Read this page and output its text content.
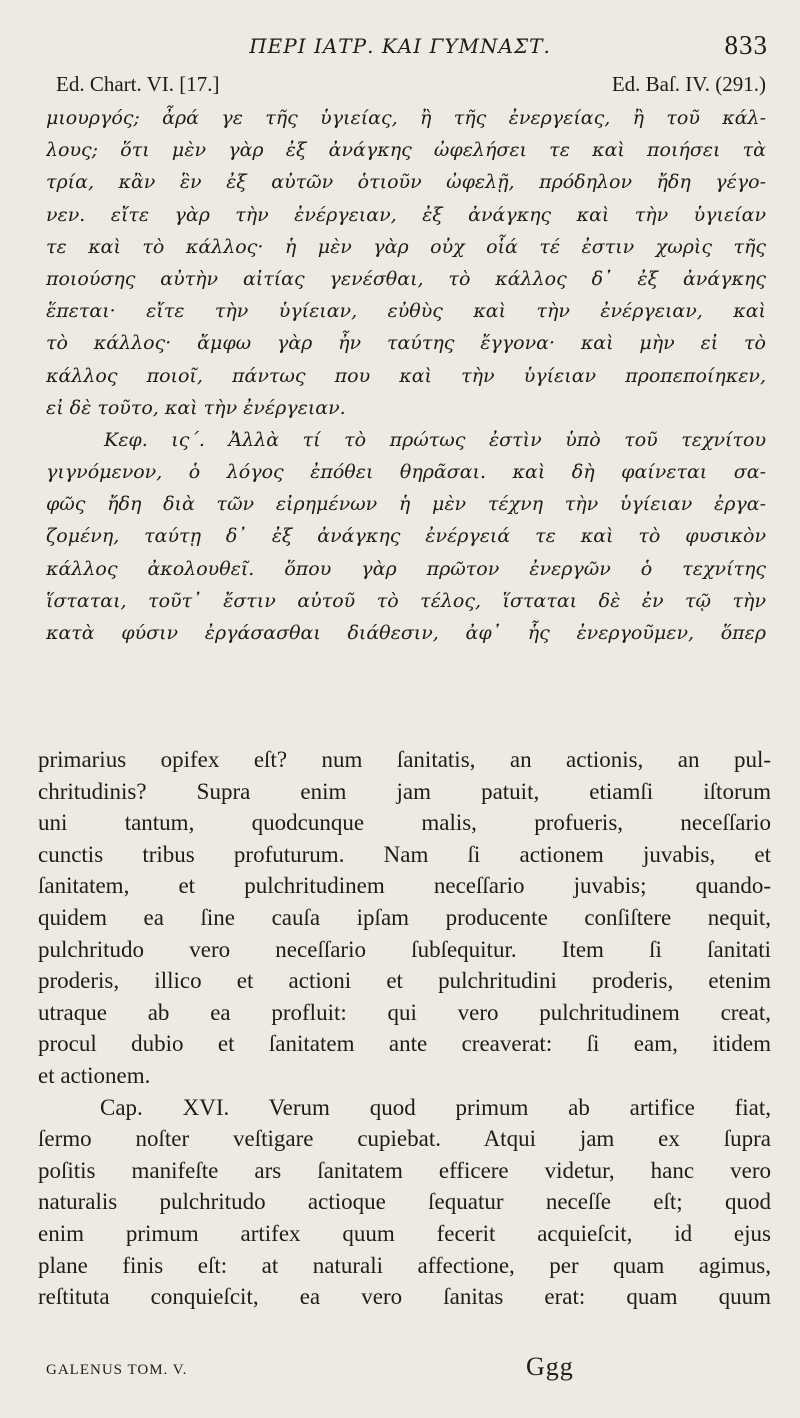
ΠΕΡΙ ΙΑΤΡ. ΚΑΙ ΓΥΜΝΑΣΤ.	833
Ed. Chart. VI. [17.]	Ed. Baſ. IV. (291.)
μιουργός; ἆρά γε τῆς ὑγιείας, ἢ τῆς ἐνεργείας, ἢ τοῦ κάλ-
λους; ὅτι μὲν γὰρ ἐξ ἀνάγκης ὠφελήσει τε καὶ ποιήσει τὰ
τρία, κἂν ἓν ἐξ αὐτῶν ὁτιοῦν ὠφελῇ, πρόδηλον ἤδη γέγο-
νεν. εἴτε γὰρ τὴν ἐνέργειαν, ἐξ ἀνάγκης καὶ τὴν ὑγιείαν
τε καὶ τὸ κάλλος· ἡ μὲν γὰρ οὐχ οἷά τέ ἐστιν χωρὶς τῆς
ποιούσης αὐτὴν αἰτίας γενέσθαι, τὸ κάλλος δ᾽ ἐξ ἀνάγκης
ἕπεται· εἴτε τὴν ὑγίειαν, εὐθὺς καὶ τὴν ἐνέργειαν, καὶ
τὸ κάλλος· ἄμφω γὰρ ἦν ταύτης ἔγγονα· καὶ μὴν εἰ τὸ
κάλλος ποιοῖ, πάντως που καὶ τὴν ὑγίειαν προπεποίηκεν,
εἰ δὲ τοῦτο, καὶ τὴν ἐνέργειαν.
Κεφ. ις΄. Ἀλλὰ τί τὸ πρώτως ἐστὶν ὑπὸ τοῦ τεχνίτου
γιγνόμενον, ὁ λόγος ἐπόθει θηρᾶσαι. καὶ δὴ φαίνεται σα-
φῶς ἤδη διὰ τῶν εἰρημένων ἡ μὲν τέχνη τὴν ὑγίειαν ἐργα-
ζομένη, ταύτῃ δ᾽ ἐξ ἀνάγκης ἐνέργειά τε καὶ τὸ φυσικὸν
κάλλος ἀκολουθεῖ. ὅπου γὰρ πρῶτον ἐνεργῶν ὁ τεχνίτης
ἵσταται, τοῦτ᾽ ἔστιν αὐτοῦ τὸ τέλος, ἵσταται δὲ ἐν τῷ τὴν
κατὰ φύσιν ἐργάσασθαι διάθεσιν, ἀφ᾽ ἧς ἐνεργοῦμεν, ὅπερ
primarius opifex eſt? num ſanitatis, an actionis, an pul-
chritudinis? Supra enim jam patuit, etiamſi iſtorum
uni tantum, quodcunque malis, profueris, neceſſario
cunctis tribus profuturum. Nam ſi actionem juvabis, et
ſanitatem, et pulchritudinem neceſſario juvabis; quando-
quidem ea ſine cauſa ipſam producente conſiſtere nequit,
pulchritudo vero neceſſario ſubſequitur. Item ſi ſanitati
proderis, illico et actioni et pulchritudini proderis, etenim
utraque ab ea profluit: qui vero pulchritudinem creat,
procul dubio et ſanitatem ante creaverat: ſi eam, itidem
et actionem.
Cap. XVI. Verum quod primum ab artifice fiat,
ſermo noſter veſtigare cupiebat. Atqui jam ex ſupra
poſitis manifeſte ars ſanitatem efficere videtur, hanc vero
naturalis pulchritudo actioque ſequatur neceſſe eſt; quod
enim primum artifex quum fecerit acquieſcit, id ejus
plane finis eſt: at naturali affectione, per quam agimus,
reſtituta conquieſcit, ea vero ſanitas erat: quam quum
GALENUS TOM. V.	Ggg
